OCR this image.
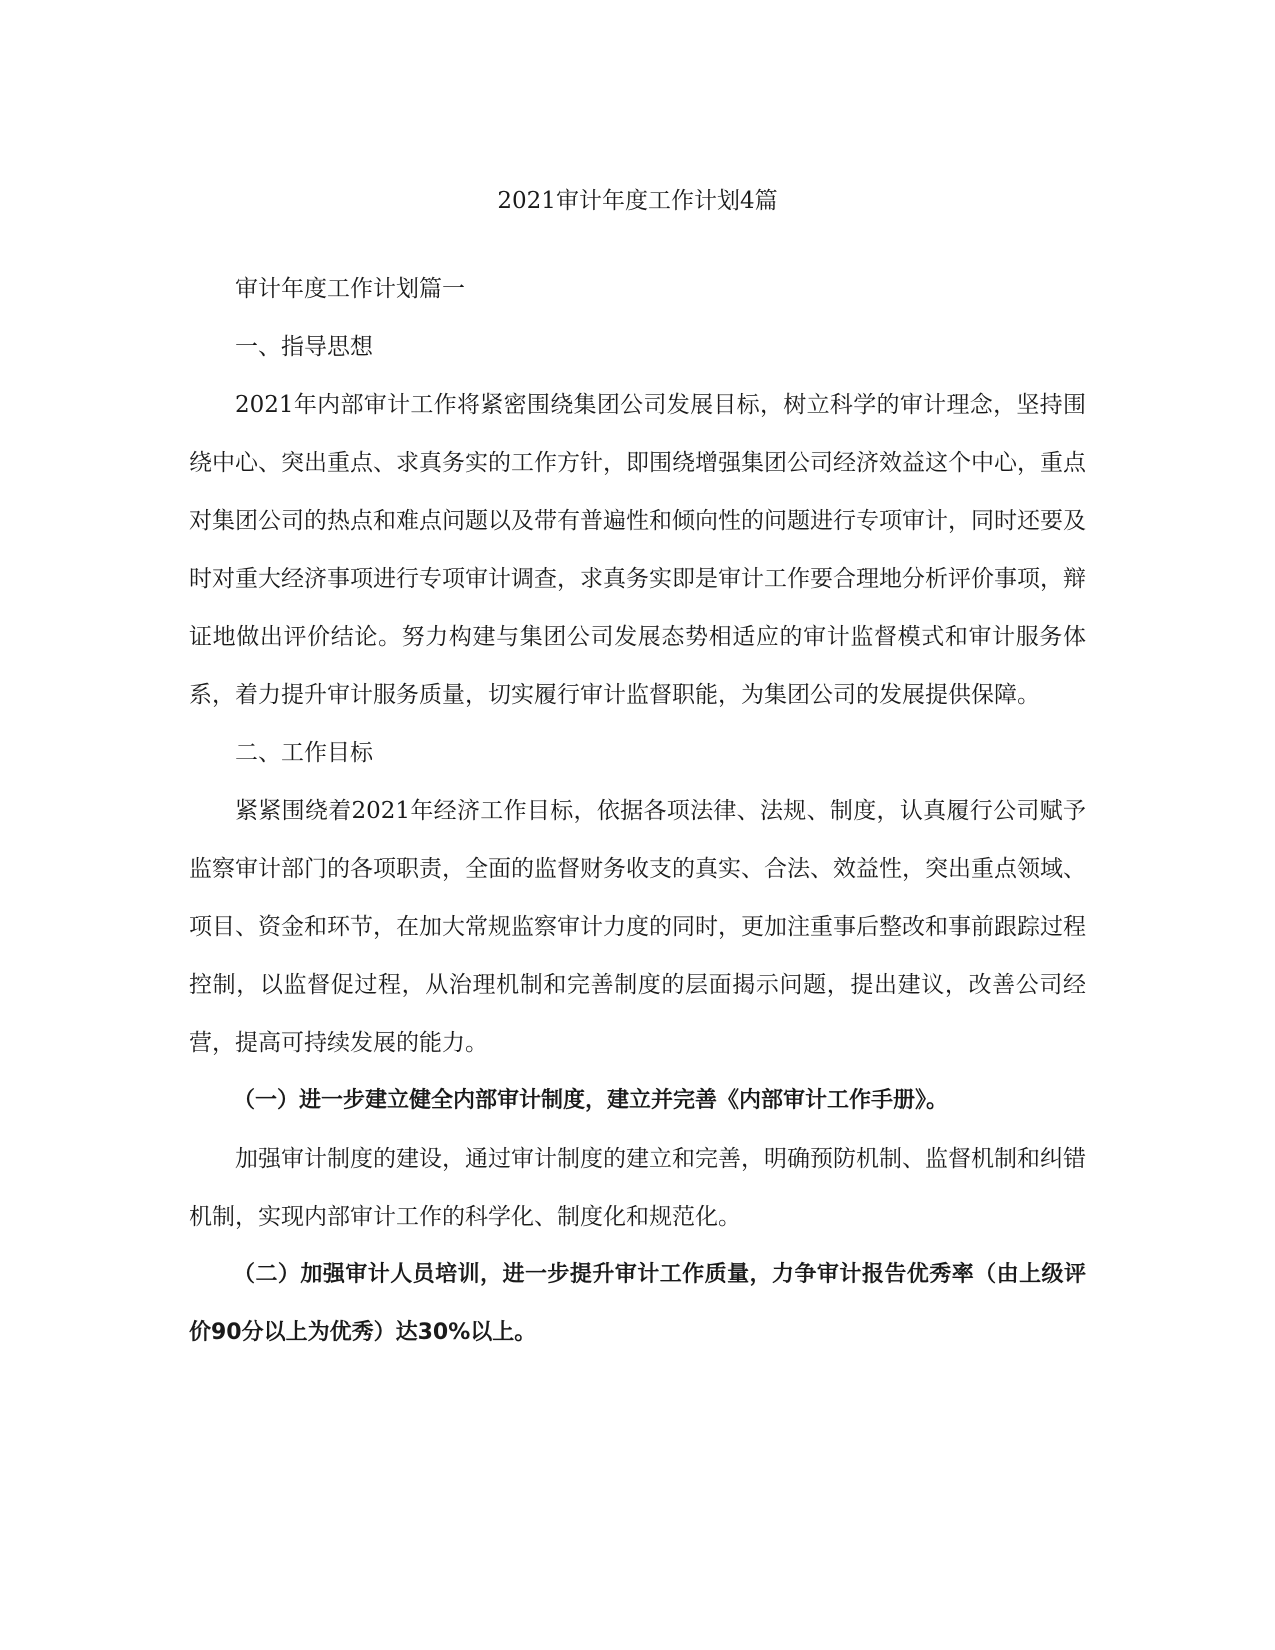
2021审计年度工作计划4篇

审计年度工作计划篇一

一、指导思想

2021年内部审计工作将紧密围绕集团公司发展目标，树立科学的审计理念，坚持围绕中心、突出重点、求真务实的工作方针，即围绕增强集团公司经济效益这个中心，重点对集团公司的热点和难点问题以及带有普遍性和倾向性的问题进行专项审计，同时还要及时对重大经济事项进行专项审计调查，求真务实即是审计工作要合理地分析评价事项，辩证地做出评价结论。努力构建与集团公司发展态势相适应的审计监督模式和审计服务体系，着力提升审计服务质量，切实履行审计监督职能，为集团公司的发展提供保障。

二、工作目标

紧紧围绕着2021年经济工作目标，依据各项法律、法规、制度，认真履行公司赋予监察审计部门的各项职责，全面的监督财务收支的真实、合法、效益性，突出重点领域、项目、资金和环节，在加大常规监察审计力度的同时，更加注重事后整改和事前跟踪过程控制，以监督促过程，从治理机制和完善制度的层面揭示问题，提出建议，改善公司经营，提高可持续发展的能力。

（一）进一步建立健全内部审计制度，建立并完善《内部审计工作手册》。

加强审计制度的建设，通过审计制度的建立和完善，明确预防机制、监督机制和纠错机制，实现内部审计工作的科学化、制度化和规范化。

（二）加强审计人员培训，进一步提升审计工作质量，力争审计报告优秀率（由上级评价90分以上为优秀）达30%以上。
